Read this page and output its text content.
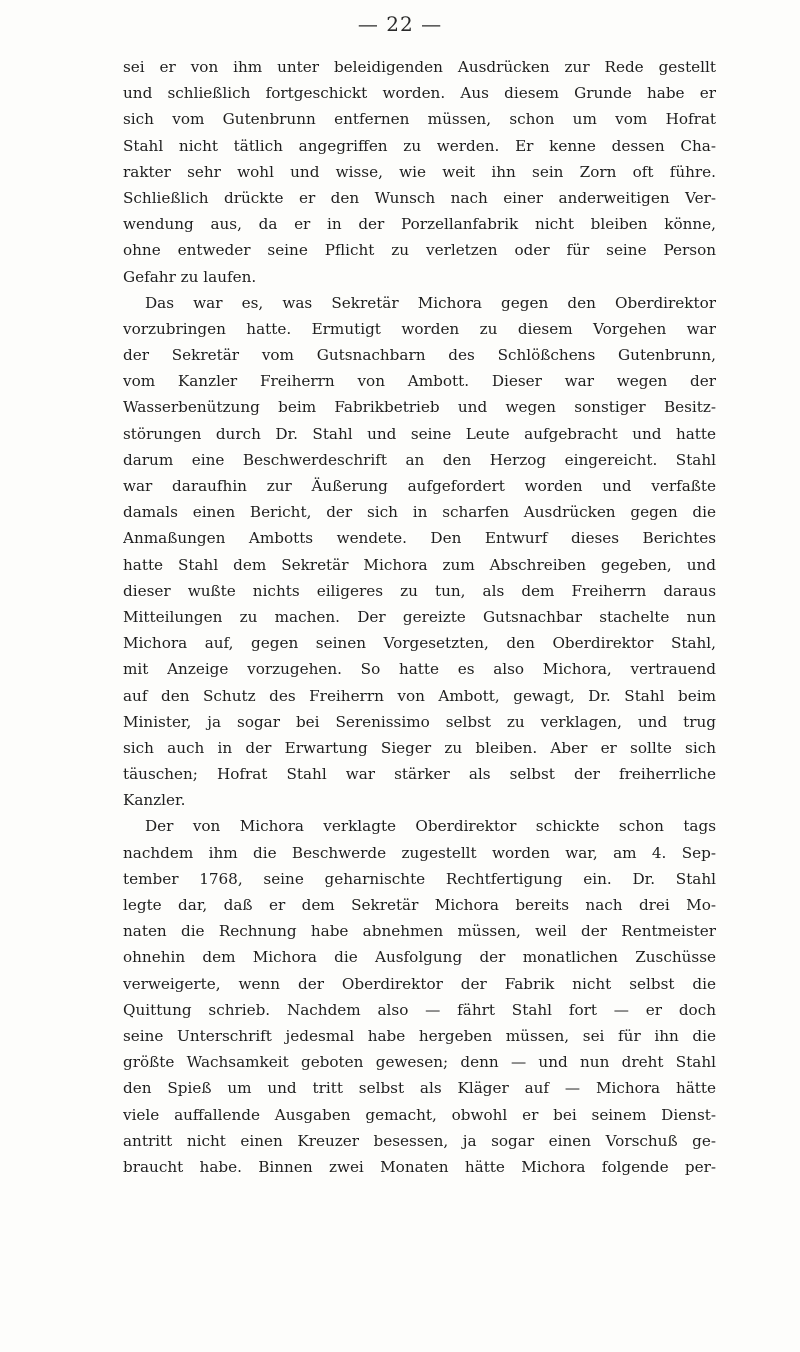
— 22 —
sei er von ihm unter beleidigenden Ausdrücken zur Rede gestellt
und schließlich fortgeschickt worden. Aus diesem Grunde habe er
sich vom Gutenbrunn entfernen müssen, schon um vom Hofrat
Stahl nicht tätlich angegriffen zu werden. Er kenne dessen Cha-
rakter sehr wohl und wisse, wie weit ihn sein Zorn oft führe.
Schließlich drückte er den Wunsch nach einer anderweitigen Ver-
wendung aus, da er in der Porzellanfabrik nicht bleiben könne,
ohne entweder seine Pflicht zu verletzen oder für seine Person
Gefahr zu laufen.
Das war es, was Sekretär Michora gegen den Oberdirektor
vorzubringen hatte. Ermutigt worden zu diesem Vorgehen war
der Sekretär vom Gutsnachbarn des Schlößchens Gutenbrunn,
vom Kanzler Freiherrn von Ambott. Dieser war wegen der
Wasserbenützung beim Fabrikbetrieb und wegen sonstiger Besitz-
störungen durch Dr. Stahl und seine Leute aufgebracht und hatte
darum eine Beschwerdeschrift an den Herzog eingereicht. Stahl
war daraufhin zur Äußerung aufgefordert worden und verfaßte
damals einen Bericht, der sich in scharfen Ausdrücken gegen die
Anmaßungen Ambotts wendete. Den Entwurf dieses Berichtes
hatte Stahl dem Sekretär Michora zum Abschreiben gegeben, und
dieser wußte nichts eiligeres zu tun, als dem Freiherrn daraus
Mitteilungen zu machen. Der gereizte Gutsnachbar stachelte nun
Michora auf, gegen seinen Vorgesetzten, den Oberdirektor Stahl,
mit Anzeige vorzugehen. So hatte es also Michora, vertrauend
auf den Schutz des Freiherrn von Ambott, gewagt, Dr. Stahl beim
Minister, ja sogar bei Serenissimo selbst zu verklagen, und trug
sich auch in der Erwartung Sieger zu bleiben. Aber er sollte sich
täuschen; Hofrat Stahl war stärker als selbst der freiherrliche
Kanzler.
Der von Michora verklagte Oberdirektor schickte schon tags
nachdem ihm die Beschwerde zugestellt worden war, am 4. Sep-
tember 1768, seine geharnischte Rechtfertigung ein. Dr. Stahl
legte dar, daß er dem Sekretär Michora bereits nach drei Mo-
naten die Rechnung habe abnehmen müssen, weil der Rentmeister
ohnehin dem Michora die Ausfolgung der monatlichen Zuschüsse
verweigerte, wenn der Oberdirektor der Fabrik nicht selbst die
Quittung schrieb. Nachdem also — fährt Stahl fort — er doch
seine Unterschrift jedesmal habe hergeben müssen, sei für ihn die
größte Wachsamkeit geboten gewesen; denn — und nun dreht Stahl
den Spieß um und tritt selbst als Kläger auf — Michora hätte
viele auffallende Ausgaben gemacht, obwohl er bei seinem Dienst-
antritt nicht einen Kreuzer besessen, ja sogar einen Vorschuß ge-
braucht habe. Binnen zwei Monaten hätte Michora folgende per-
